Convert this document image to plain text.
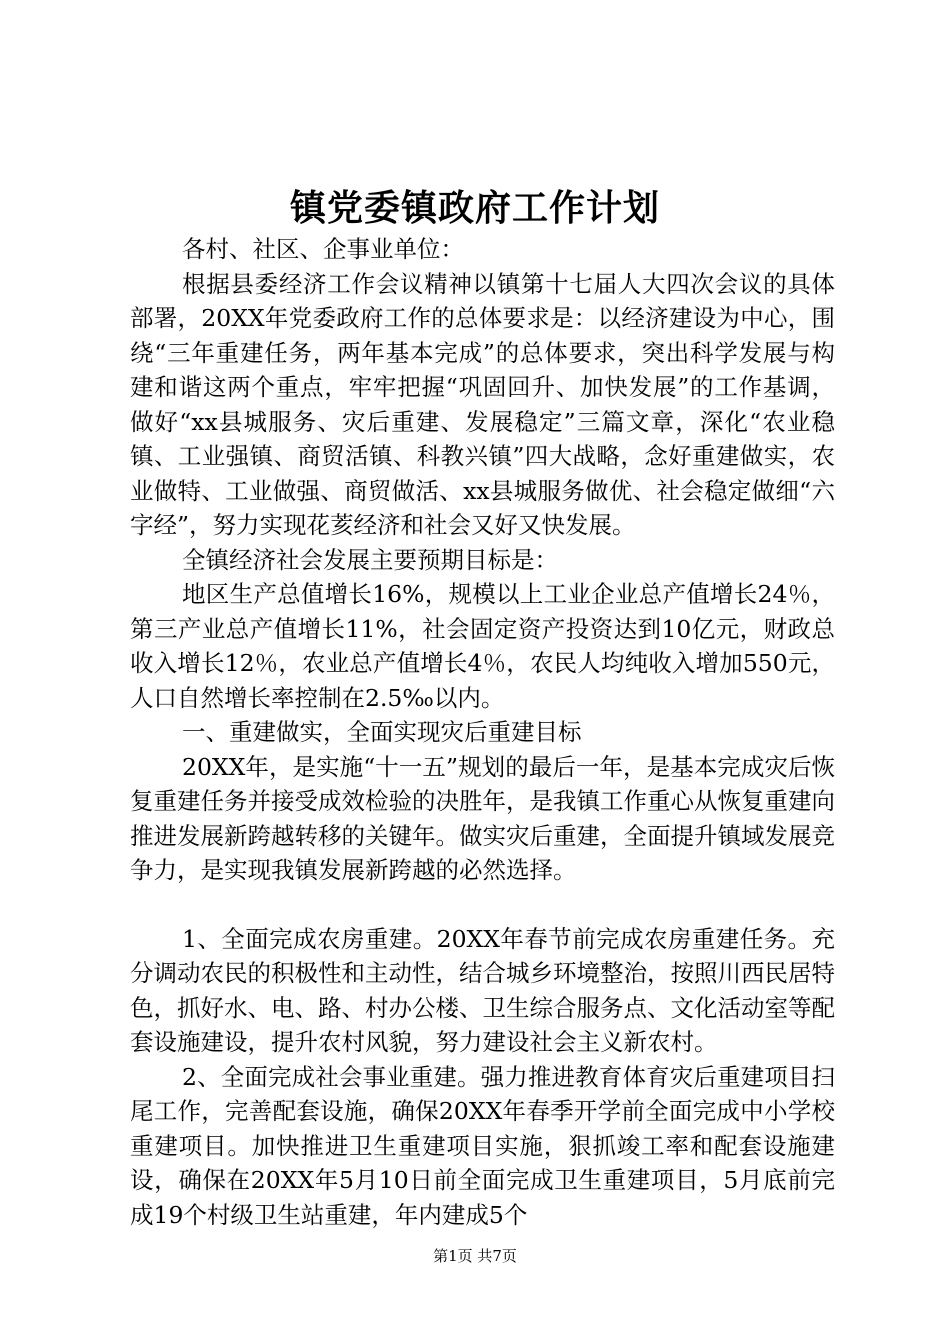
镇党委镇政府工作计划

各村、社区、企事业单位：

根据县委经济工作会议精神以镇第十七届人大四次会议的具体部署，20XX年党委政府工作的总体要求是：以经济建设为中心，围绕“三年重建任务，两年基本完成”的总体要求，突出科学发展与构建和谐这两个重点，牢牢把握“巩固回升、加快发展”的工作基调，做好“xx县城服务、灾后重建、发展稳定”三篇文章，深化“农业稳镇、工业强镇、商贸活镇、科教兴镇”四大战略，念好重建做实，农业做特、工业做强、商贸做活、xx县城服务做优、社会稳定做细“六字经”，努力实现花荄经济和社会又好又快发展。

全镇经济社会发展主要预期目标是：

地区生产总值增长16%，规模以上工业企业总产值增长24％，第三产业总产值增长11%，社会固定资产投资达到10亿元，财政总收入增长12％，农业总产值增长4％，农民人均纯收入增加550元，人口自然增长率控制在2.5‰以内。

一、重建做实，全面实现灾后重建目标

20XX年，是实施“十一五”规划的最后一年，是基本完成灾后恢复重建任务并接受成效检验的决胜年，是我镇工作重心从恢复重建向推进发展新跨越转移的关键年。做实灾后重建，全面提升镇域发展竞争力，是实现我镇发展新跨越的必然选择。

1、全面完成农房重建。20XX年春节前完成农房重建任务。充分调动农民的积极性和主动性，结合城乡环境整治，按照川西民居特色，抓好水、电、路、村办公楼、卫生综合服务点、文化活动室等配套设施建设，提升农村风貌，努力建设社会主义新农村。

2、全面完成社会事业重建。强力推进教育体育灾后重建项目扫尾工作，完善配套设施，确保20XX年春季开学前全面完成中小学校重建项目。加快推进卫生重建项目实施，狠抓竣工率和配套设施建设，确保在20XX年5月10日前全面完成卫生重建项目，5月底前完成19个村级卫生站重建，年内建成5个

第1页 共7页
